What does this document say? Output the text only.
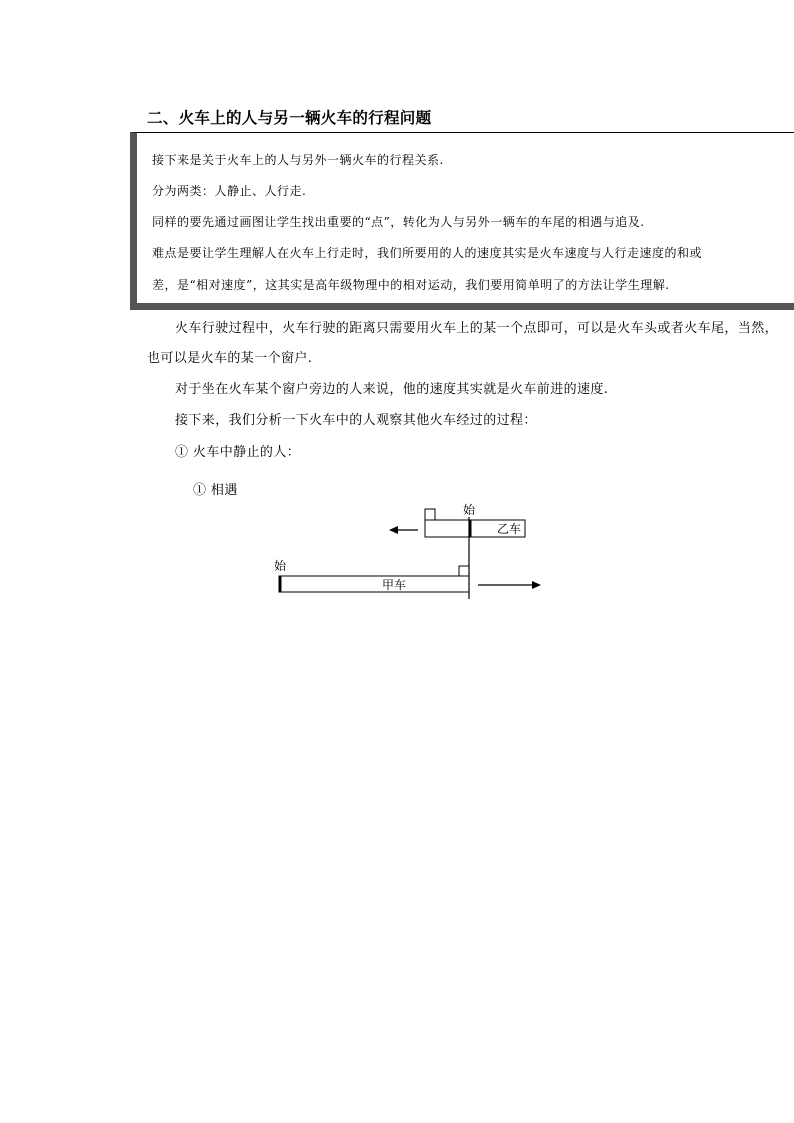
二、火车上的人与另一辆火车的行程问题
接下来是关于火车上的人与另外一辆火车的行程关系.
分为两类：人静止、人行走.
同样的要先通过画图让学生找出重要的“点”，转化为人与另外一辆车的车尾的相遇与追及.
难点是要让学生理解人在火车上行走时，我们所要用的人的速度其实是火车速度与人行走速度的和或
差，是“相对速度”，这其实是高年级物理中的相对运动，我们要用简单明了的方法让学生理解.
火车行驶过程中，火车行驶的距离只需要用火车上的某一个点即可，可以是火车头或者火车尾，当然，
也可以是火车的某一个窗户.
对于坐在火车某个窗户旁边的人来说，他的速度其实就是火车前进的速度.
接下来，我们分析一下火车中的人观察其他火车经过的过程：
① 火车中静止的人：
① 相遇
乙车
始
甲车
始
